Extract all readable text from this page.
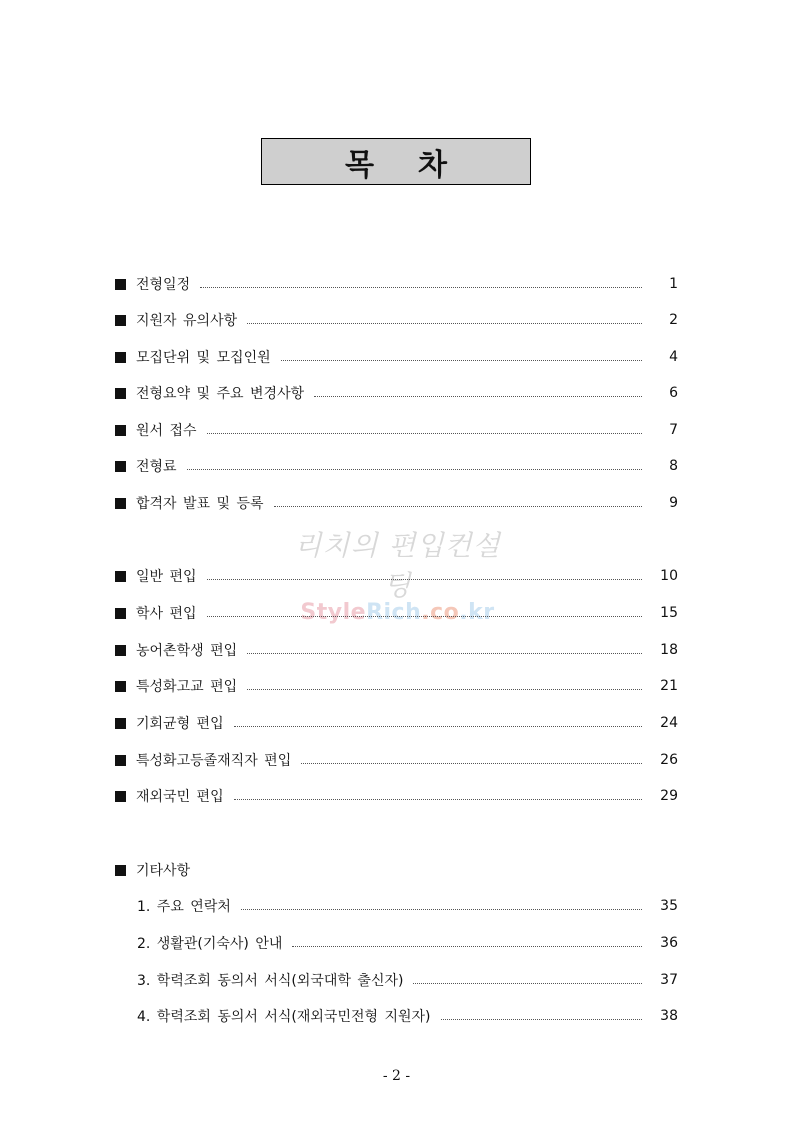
목 차
리치의 편입컨설팅
StyleRich.co.kr
전형일정	1
지원자 유의사항	2
모집단위 및 모집인원	4
전형요약 및 주요 변경사항	6
원서 접수	7
전형료	8
합격자 발표 및 등록	9
일반 편입	10
학사 편입	15
농어촌학생 편입	18
특성화고교 편입	21
기회균형 편입	24
특성화고등졸재직자 편입	26
재외국민 편입	29
기타사항
1. 주요 연락처	35
2. 생활관(기숙사) 안내	36
3. 학력조회 동의서 서식(외국대학 출신자)	37
4. 학력조회 동의서 서식(재외국민전형 지원자)	38
- 2 -
